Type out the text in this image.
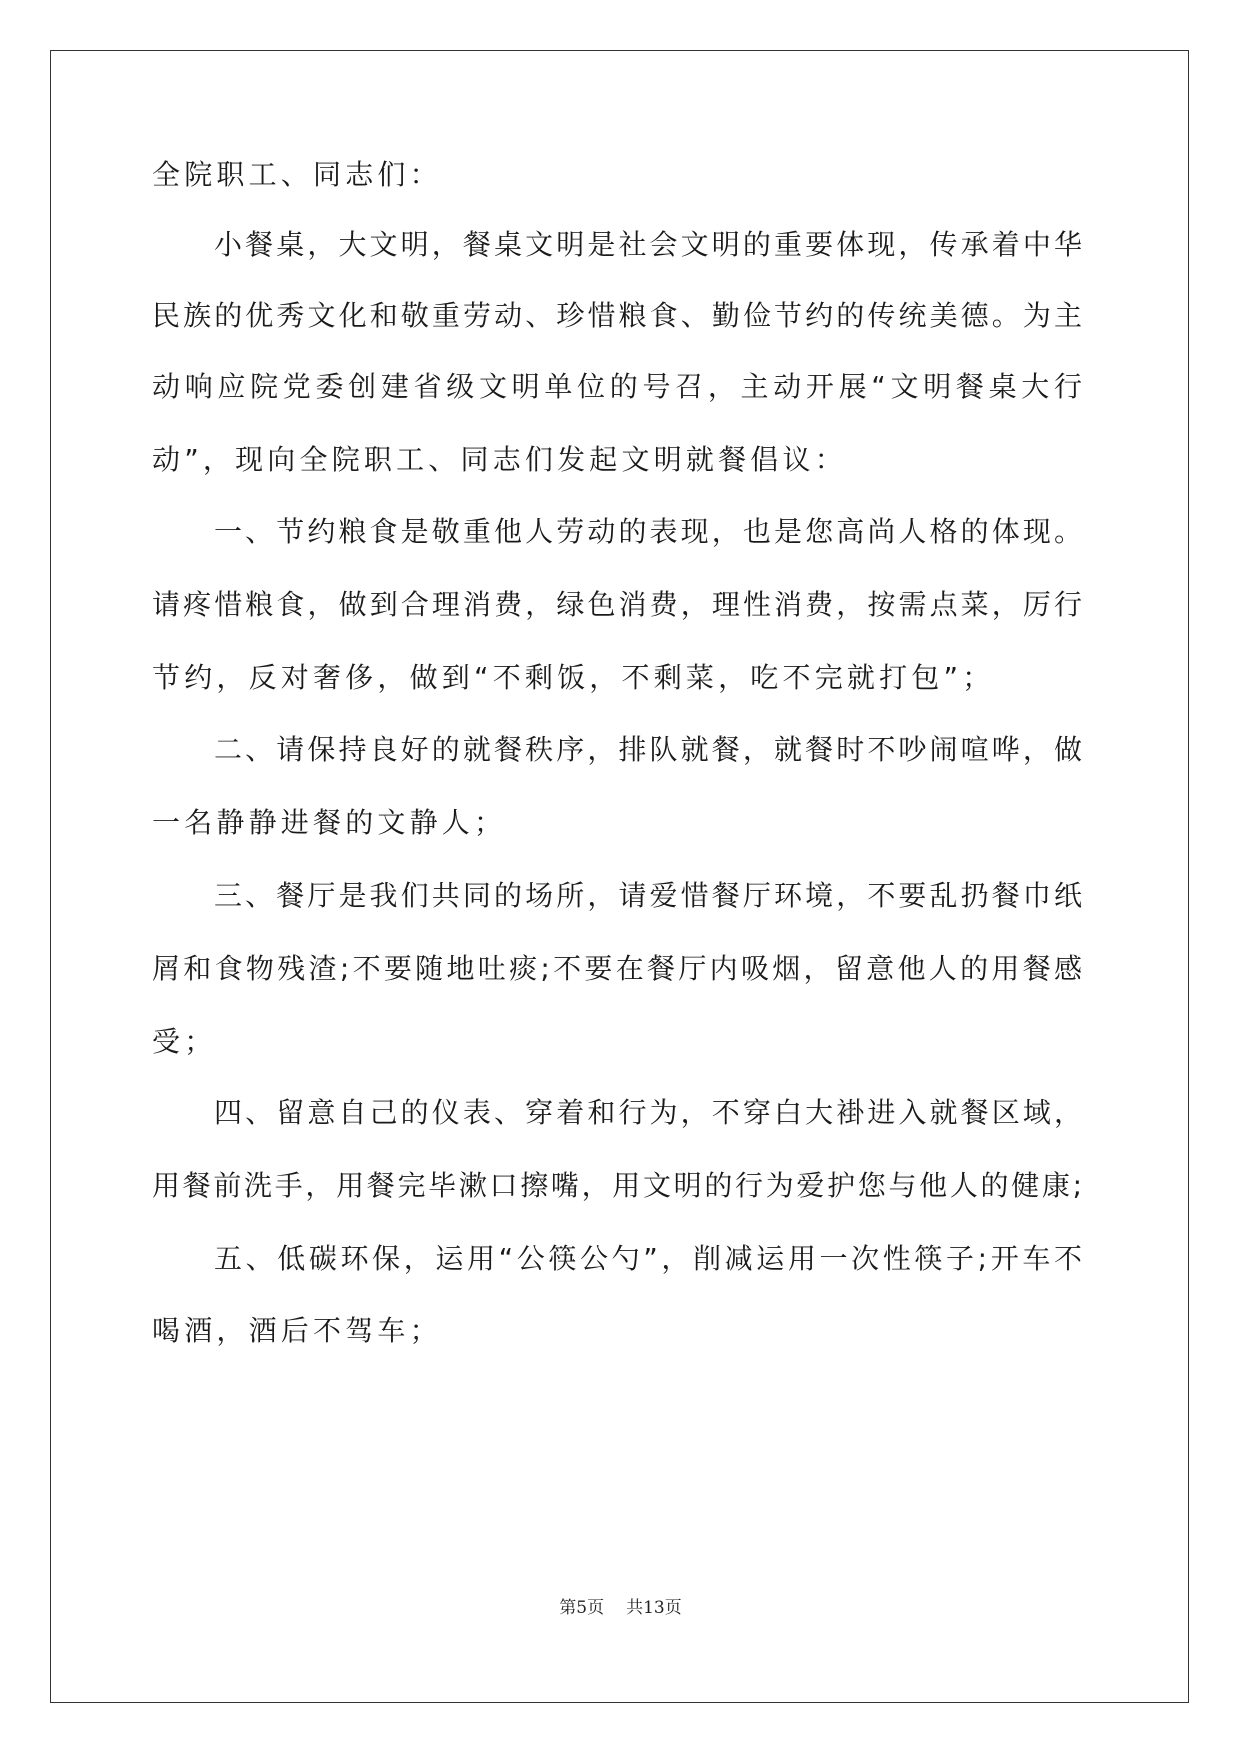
全院职工、同志们：

小餐桌，大文明，餐桌文明是社会文明的重要体现，传承着中华

民族的优秀文化和敬重劳动、珍惜粮食、勤俭节约的传统美德。为主

动响应院党委创建省级文明单位的号召，主动开展“文明餐桌大行

动”，现向全院职工、同志们发起文明就餐倡议：

一、节约粮食是敬重他人劳动的表现，也是您高尚人格的体现。

请疼惜粮食，做到合理消费，绿色消费，理性消费，按需点菜，厉行

节约，反对奢侈，做到“不剩饭，不剩菜，吃不完就打包”；

二、请保持良好的就餐秩序，排队就餐，就餐时不吵闹喧哗，做

一名静静进餐的文静人；

三、餐厅是我们共同的场所，请爱惜餐厅环境，不要乱扔餐巾纸

屑和食物残渣;不要随地吐痰;不要在餐厅内吸烟，留意他人的用餐感

受；

四、留意自己的仪表、穿着和行为，不穿白大褂进入就餐区域，

用餐前洗手，用餐完毕漱口擦嘴，用文明的行为爱护您与他人的健康;

五、低碳环保，运用“公筷公勺”，削减运用一次性筷子;开车不

喝酒，酒后不驾车；

第5页 共13页
